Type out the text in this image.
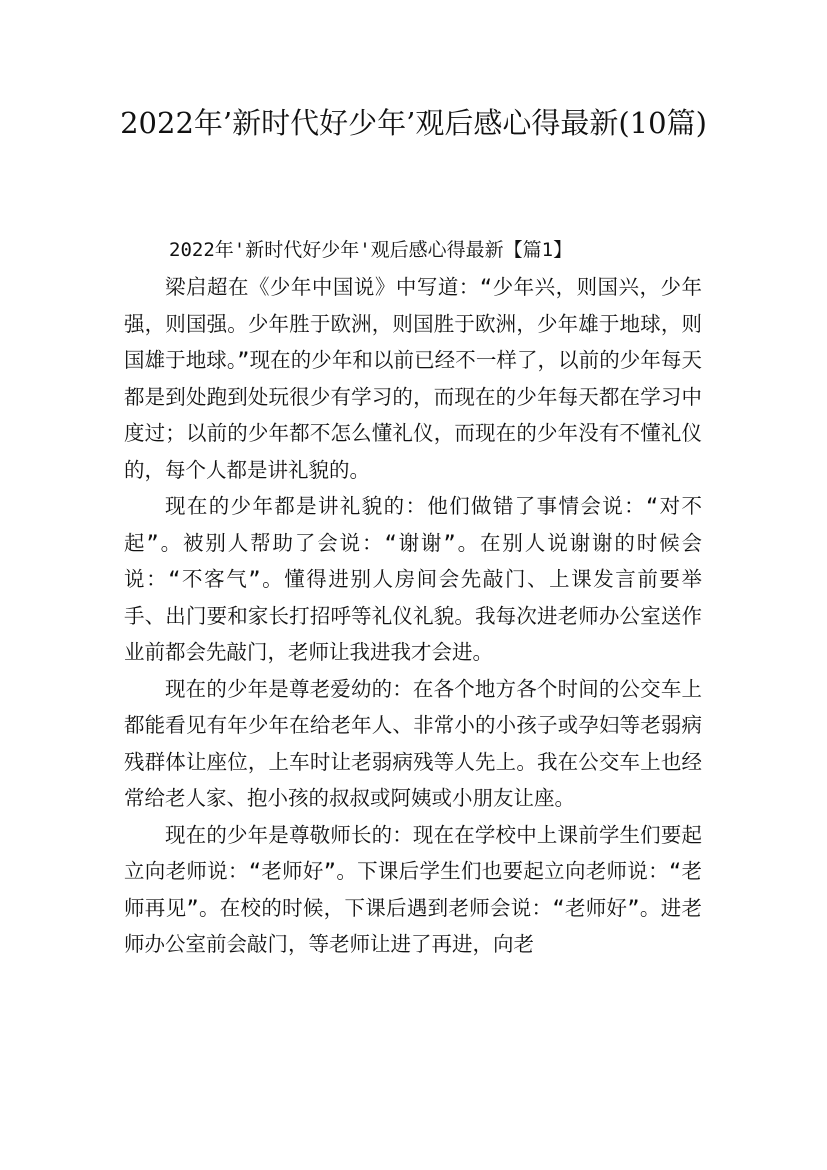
2022年’新时代好少年’观后感心得最新(10篇)
2022年'新时代好少年'观后感心得最新【篇1】

梁启超在《少年中国说》中写道：“少年兴，则国兴，少年强，则国强。少年胜于欧洲，则国胜于欧洲，少年雄于地球，则国雄于地球。”现在的少年和以前已经不一样了，以前的少年每天都是到处跑到处玩很少有学习的，而现在的少年每天都在学习中度过；以前的少年都不怎么懂礼仪，而现在的少年没有不懂礼仪的，每个人都是讲礼貌的。

现在的少年都是讲礼貌的：他们做错了事情会说：“对不起”。被别人帮助了会说：“谢谢”。在别人说谢谢的时候会说：“不客气”。懂得进别人房间会先敲门、上课发言前要举手、出门要和家长打招呼等礼仪礼貌。我每次进老师办公室送作业前都会先敲门，老师让我进我才会进。

现在的少年是尊老爱幼的：在各个地方各个时间的公交车上都能看见有年少年在给老年人、非常小的小孩子或孕妇等老弱病残群体让座位，上车时让老弱病残等人先上。我在公交车上也经常给老人家、抱小孩的叔叔或阿姨或小朋友让座。

现在的少年是尊敬师长的：现在在学校中上课前学生们要起立向老师说：“老师好”。下课后学生们也要起立向老师说：“老师再见”。在校的时候，下课后遇到老师会说：“老师好”。进老师办公室前会敲门，等老师让进了再进，向老
